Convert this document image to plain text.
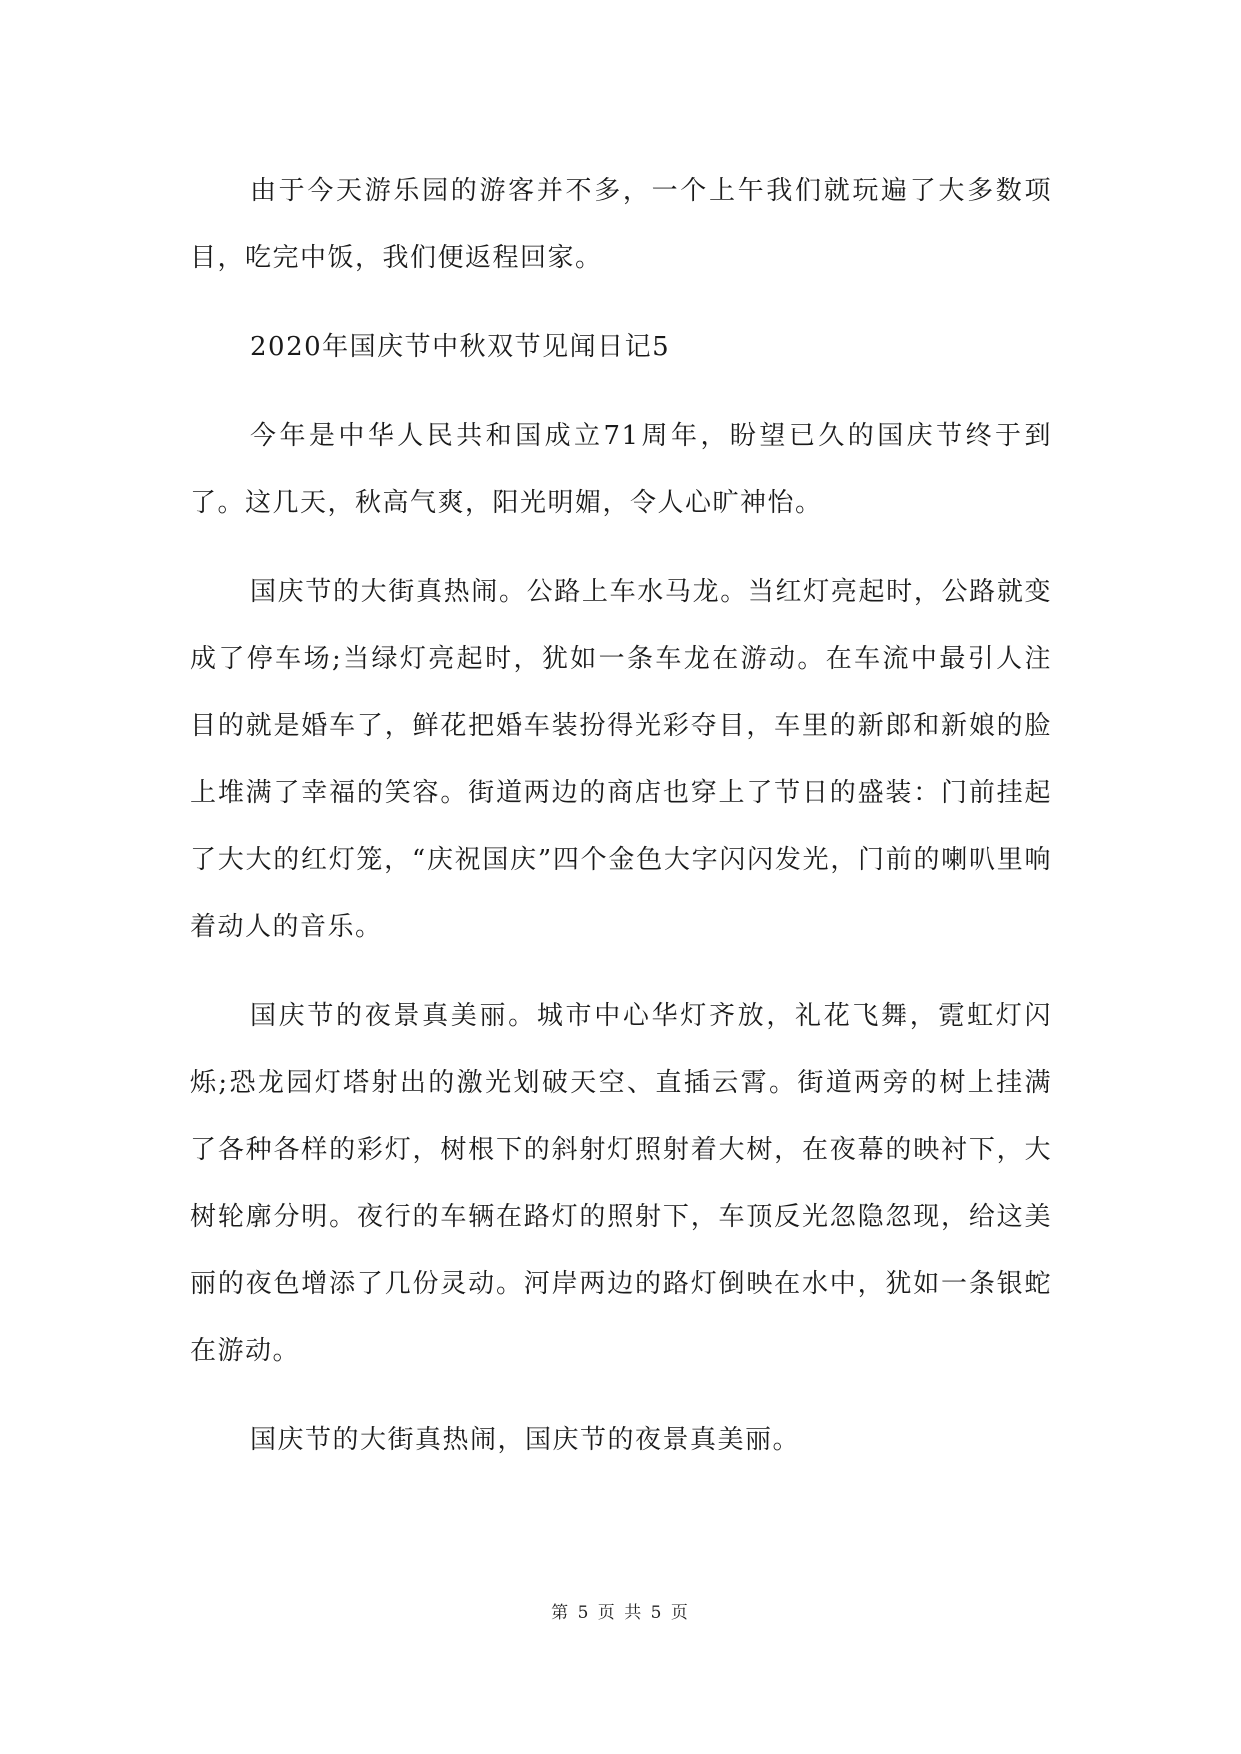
由于今天游乐园的游客并不多，一个上午我们就玩遍了大多数项目，吃完中饭，我们便返程回家。

2020年国庆节中秋双节见闻日记5

今年是中华人民共和国成立71周年，盼望已久的国庆节终于到了。这几天，秋高气爽，阳光明媚，令人心旷神怡。

国庆节的大街真热闹。公路上车水马龙。当红灯亮起时，公路就变成了停车场;当绿灯亮起时，犹如一条车龙在游动。在车流中最引人注目的就是婚车了，鲜花把婚车装扮得光彩夺目，车里的新郎和新娘的脸上堆满了幸福的笑容。街道两边的商店也穿上了节日的盛装：门前挂起了大大的红灯笼，“庆祝国庆”四个金色大字闪闪发光，门前的喇叭里响着动人的音乐。

国庆节的夜景真美丽。城市中心华灯齐放，礼花飞舞，霓虹灯闪烁;恐龙园灯塔射出的激光划破天空、直插云霄。街道两旁的树上挂满了各种各样的彩灯，树根下的斜射灯照射着大树，在夜幕的映衬下，大树轮廓分明。夜行的车辆在路灯的照射下，车顶反光忽隐忽现，给这美丽的夜色增添了几份灵动。河岸两边的路灯倒映在水中，犹如一条银蛇在游动。

国庆节的大街真热闹，国庆节的夜景真美丽。

第 5 页 共 5 页
